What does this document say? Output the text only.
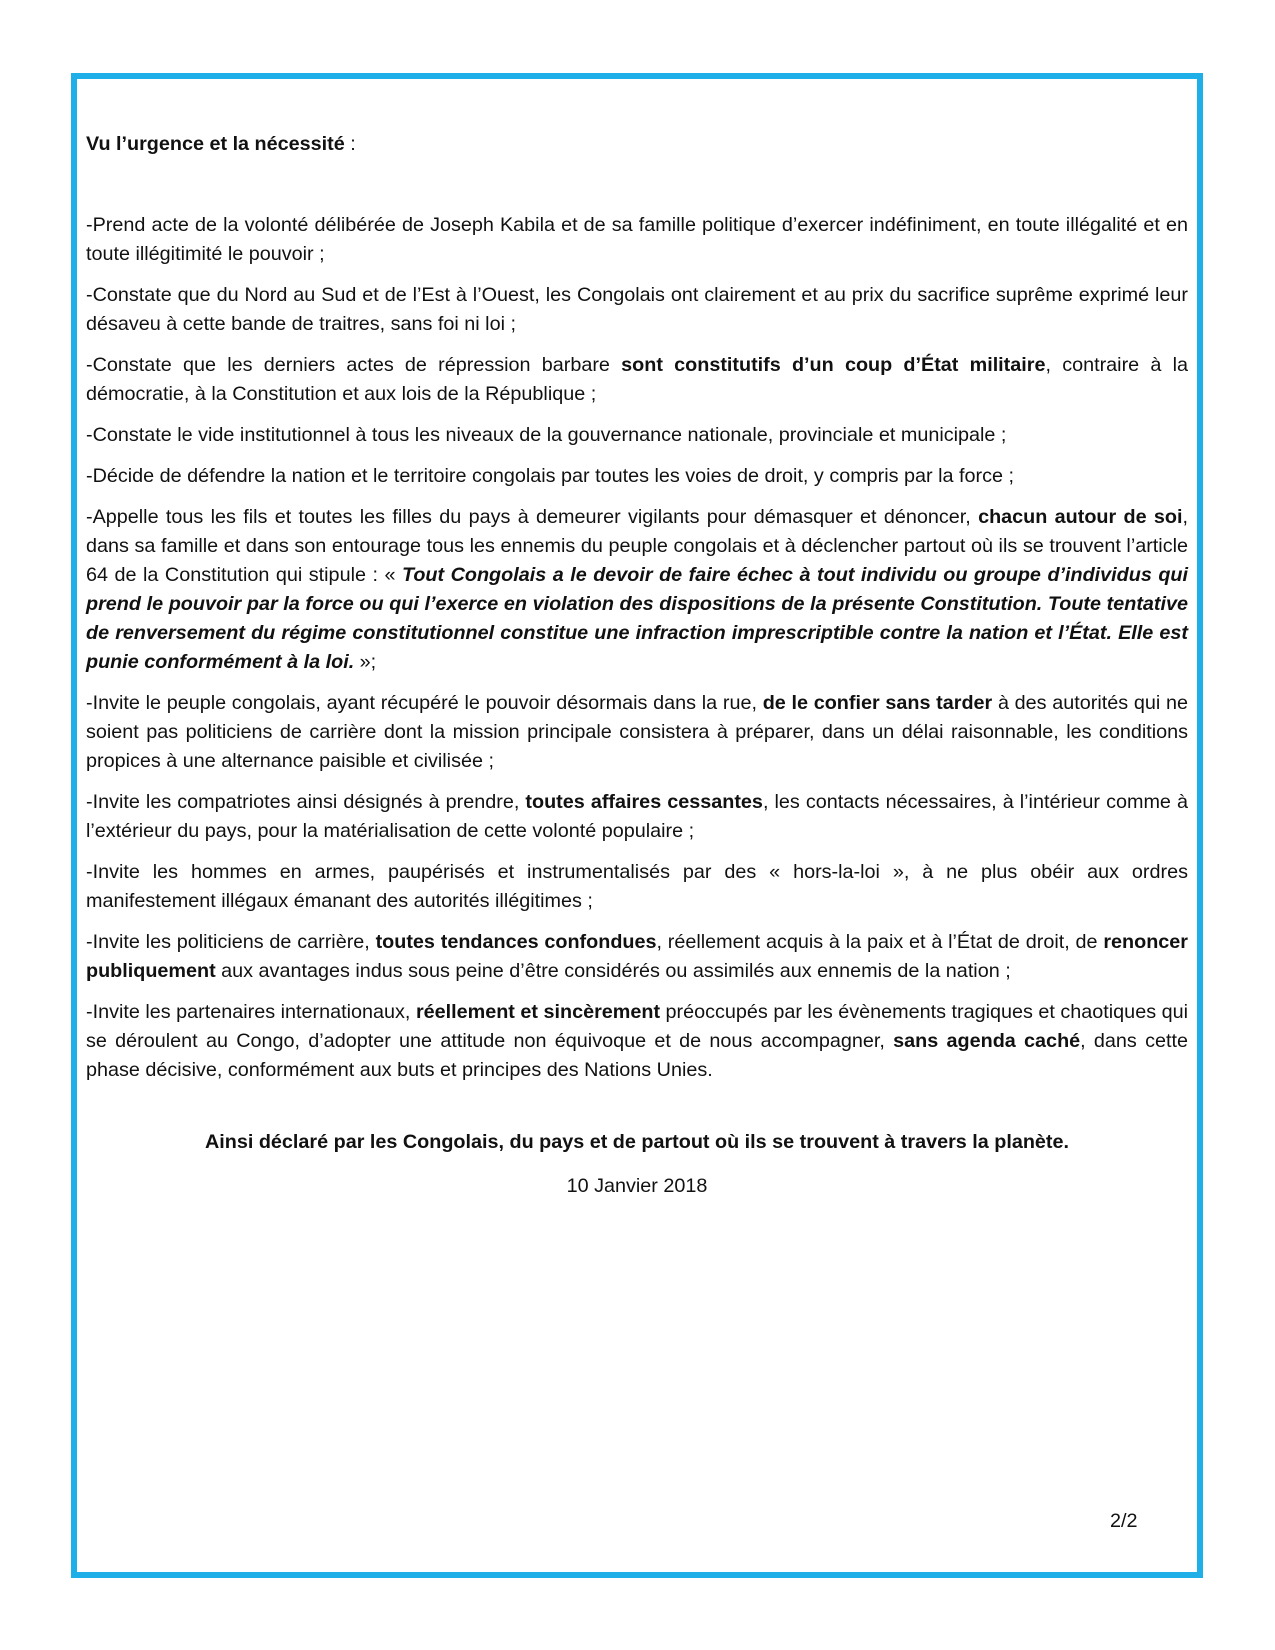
Vu l’urgence et la nécessité :

-Prend acte de la volonté délibérée de Joseph Kabila et de sa famille politique d’exercer indéfiniment, en toute illégalité et en toute illégitimité le pouvoir ;

-Constate que du Nord au Sud et de l’Est à l’Ouest, les Congolais ont clairement et au prix du sacrifice suprême exprimé leur désaveu à cette bande de traitres, sans foi ni loi ;

-Constate que les derniers actes de répression barbare sont constitutifs d’un coup d’État militaire, contraire à la démocratie, à la Constitution et aux lois de la République ;

-Constate le vide institutionnel à tous les niveaux de la gouvernance nationale, provinciale et municipale ;

-Décide de défendre la nation et le territoire congolais par toutes les voies de droit, y compris par la force ;

-Appelle tous les fils et toutes les filles du pays à demeurer vigilants pour démasquer et dénoncer, chacun autour de soi, dans sa famille et dans son entourage tous les ennemis du peuple congolais et à déclencher partout où ils se trouvent l’article 64 de la Constitution qui stipule : « Tout Congolais a le devoir de faire échec à tout individu ou groupe d’individus qui prend le pouvoir par la force ou qui l’exerce en violation des dispositions de la présente Constitution. Toute tentative de renversement du régime constitutionnel constitue une infraction imprescriptible contre la nation et l’État. Elle est punie conformément à la loi. »;

-Invite le peuple congolais, ayant récupéré le pouvoir désormais dans la rue, de le confier sans tarder à des autorités qui ne soient pas politiciens de carrière dont la mission principale consistera à préparer, dans un délai raisonnable, les conditions propices à une alternance paisible et civilisée ;

-Invite les compatriotes ainsi désignés à prendre, toutes affaires cessantes, les contacts nécessaires, à l’intérieur comme à l’extérieur du pays, pour la matérialisation de cette volonté populaire ;

-Invite les hommes en armes, paupérisés et instrumentalisés par des « hors-la-loi », à ne plus obéir aux ordres manifestement illégaux émanant des autorités illégitimes ;

-Invite les politiciens de carrière, toutes tendances confondues, réellement acquis à la paix et à l’État de droit, de renoncer publiquement aux avantages indus sous peine d’être considérés ou assimilés aux ennemis de la nation ;

-Invite les partenaires internationaux, réellement et sincèrement préoccupés par les évènements tragiques et chaotiques qui se déroulent au Congo, d’adopter une attitude non équivoque et de nous accompagner, sans agenda caché, dans cette phase décisive, conformément aux buts et principes des Nations Unies.

Ainsi déclaré par les Congolais, du pays et de partout où ils se trouvent à travers la planète.
10 Janvier 2018
2/2
